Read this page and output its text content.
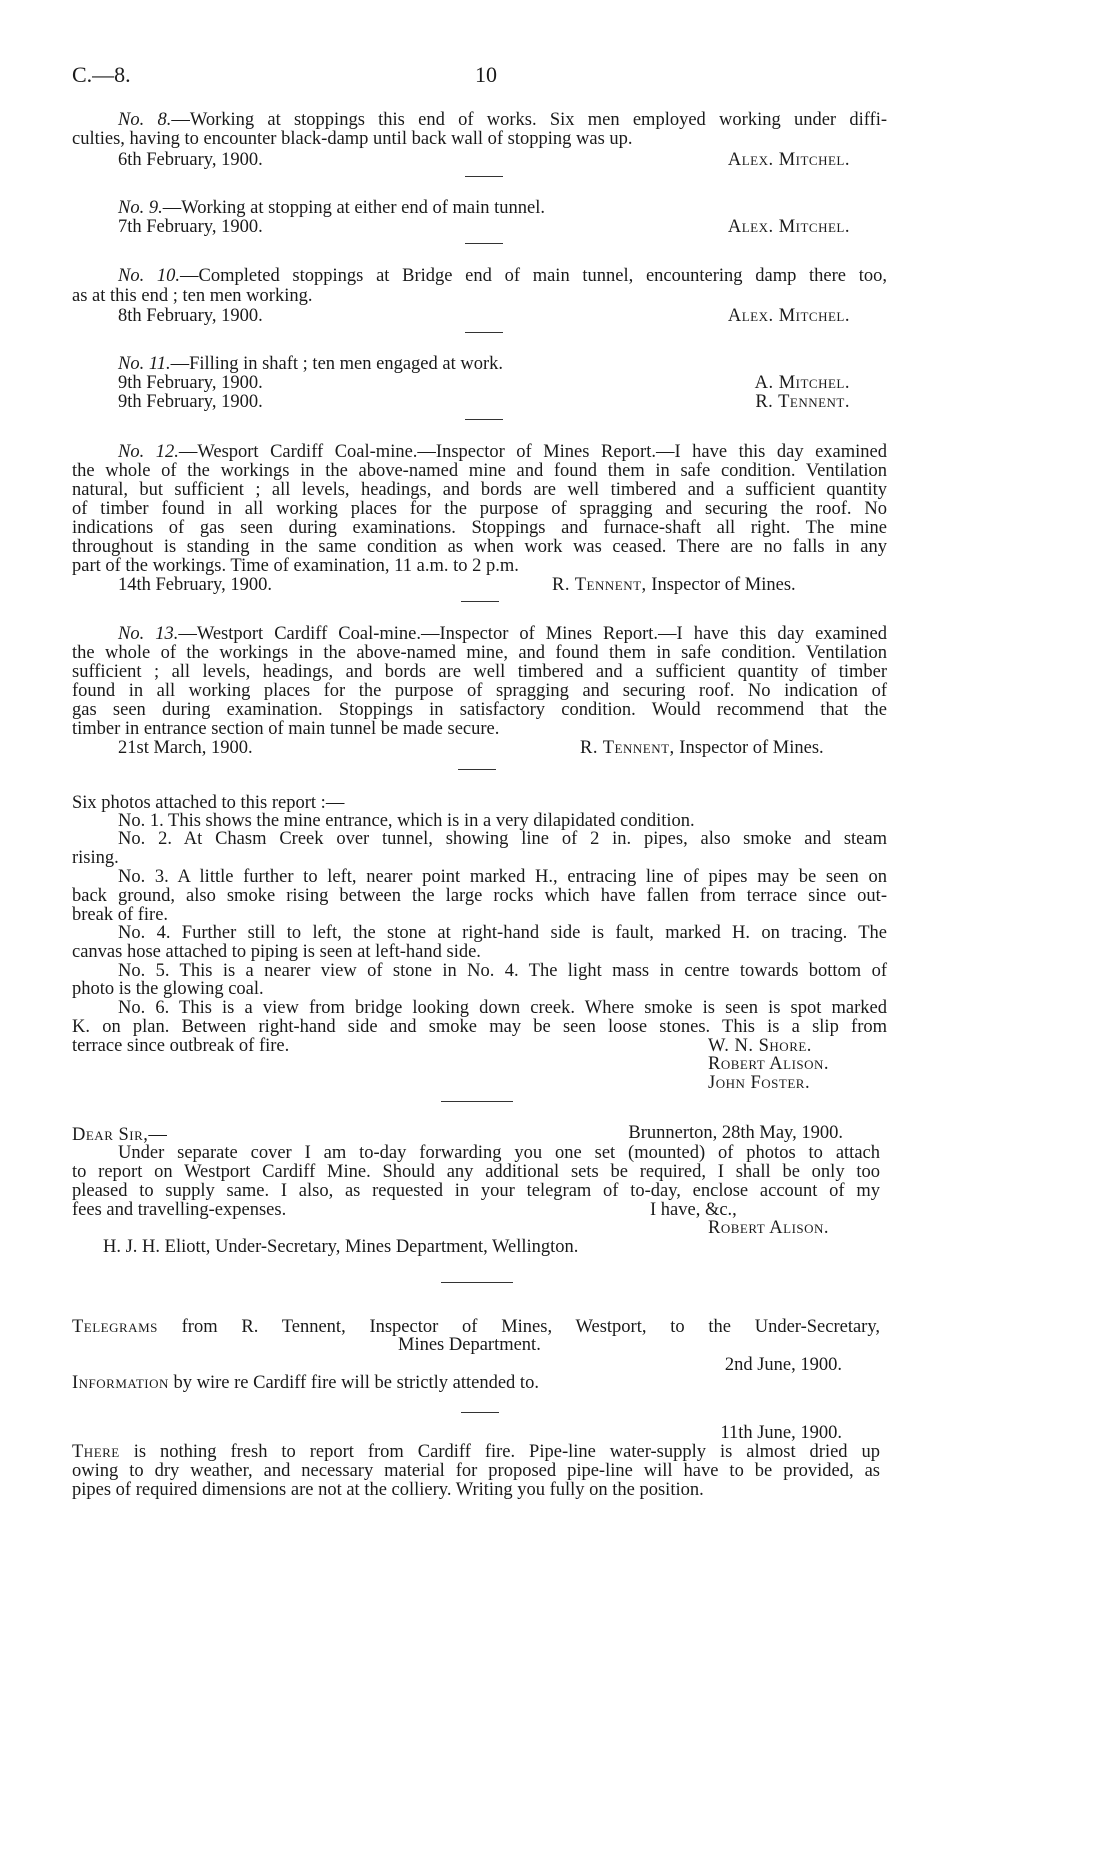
C.—8.	10
No. 8.—Working at stoppings this end of works. Six men employed working under diffi-
culties, having to encounter black-damp until back wall of stopping was up.
6th February, 1900.	Alex. Mitchel.
No. 9.—Working at stopping at either end of main tunnel.
7th February, 1900.	Alex. Mitchel.
No. 10.—Completed stoppings at Bridge end of main tunnel, encountering damp there too,
as at this end ; ten men working.
8th February, 1900.	Alex. Mitchel.
No. 11.—Filling in shaft ; ten men engaged at work.
9th February, 1900.	A. Mitchel.
9th February, 1900.	R. Tennent.
No. 12.—Wesport Cardiff Coal-mine.—Inspector of Mines Report.—I have this day examined
the whole of the workings in the above-named mine and found them in safe condition. Ventilation
natural, but sufficient ; all levels, headings, and bords are well timbered and a sufficient quantity
of timber found in all working places for the purpose of spragging and securing the roof. No
indications of gas seen during examinations. Stoppings and furnace-shaft all right. The mine
throughout is standing in the same condition as when work was ceased. There are no falls in any
part of the workings. Time of examination, 11 a.m. to 2 p.m.
14th February, 1900.	R. Tennent, Inspector of Mines.
No. 13.—Westport Cardiff Coal-mine.—Inspector of Mines Report.—I have this day examined
the whole of the workings in the above-named mine, and found them in safe condition. Ventilation
sufficient ; all levels, headings, and bords are well timbered and a sufficient quantity of timber
found in all working places for the purpose of spragging and securing roof. No indication of
gas seen during examination. Stoppings in satisfactory condition. Would recommend that the
timber in entrance section of main tunnel be made secure.
21st March, 1900.	R. Tennent, Inspector of Mines.
Six photos attached to this report :—
No. 1. This shows the mine entrance, which is in a very dilapidated condition.
No. 2. At Chasm Creek over tunnel, showing line of 2 in. pipes, also smoke and steam
rising.
No. 3. A little further to left, nearer point marked H., entracing line of pipes may be seen on
back ground, also smoke rising between the large rocks which have fallen from terrace since out-
break of fire.
No. 4. Further still to left, the stone at right-hand side is fault, marked H. on tracing. The
canvas hose attached to piping is seen at left-hand side.
No. 5. This is a nearer view of stone in No. 4. The light mass in centre towards bottom of
photo is the glowing coal.
No. 6. This is a view from bridge looking down creek. Where smoke is seen is spot marked
K. on plan. Between right-hand side and smoke may be seen loose stones. This is a slip from
terrace since outbreak of fire.	W. N. Shore.
Robert Alison.
John Foster.
Dear Sir,—	Brunnerton, 28th May, 1900.
Under separate cover I am to-day forwarding you one set (mounted) of photos to attach
to report on Westport Cardiff Mine. Should any additional sets be required, I shall be only too
pleased to supply same. I also, as requested in your telegram of to-day, enclose account of my
fees and travelling-expenses.	I have, &c.,
Robert Alison.
H. J. H. Eliott, Under-Secretary, Mines Department, Wellington.
Telegrams from R. Tennent, Inspector of Mines, Westport, to the Under-Secretary,
Mines Department.
2nd June, 1900.
Information by wire re Cardiff fire will be strictly attended to.
11th June, 1900.
There is nothing fresh to report from Cardiff fire. Pipe-line water-supply is almost dried up
owing to dry weather, and necessary material for proposed pipe-line will have to be provided, as
pipes of required dimensions are not at the colliery. Writing you fully on the position.
